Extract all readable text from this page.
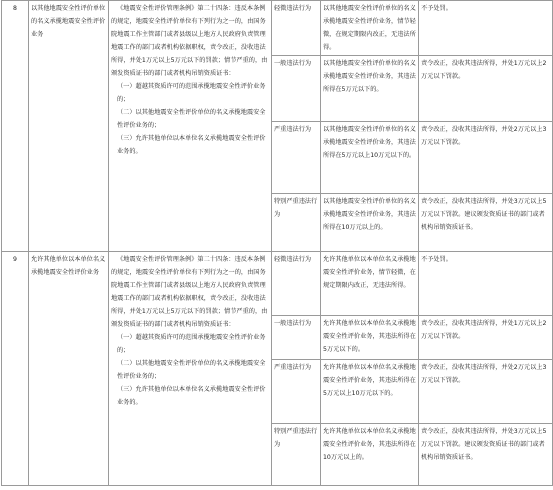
8	以其他地震安全性评价单位的名义承揽地震安全性评价业务	《地震安全性评价管理条例》第二十四条：违反本条例的规定，地震安全性评价单位有下列行为之一的，由国务院地震工作主管部门或者县级以上地方人民政府负责管理地震工作的部门或者机构依据职权，责令改正，没收违法所得，并处1万元以上5万元以下的罚款；情节严重的，由颁发资质证书的部门或者机构吊销资质证书：

（一）超越其资质许可的范围承揽地震安全性评价业务的；

（二）以其他地震安全性评价单位的名义承揽地震安全性评价业务的；

（三）允许其他单位以本单位名义承揽地震安全性评价业务的。	轻微违法行为	以其他地震安全性评价单位的名义承揽地震安全性评价业务，情节轻微，在规定期限内改正，无违法所得。	不予处罚。
			一般违法行为	以其他地震安全性评价单位的名义承揽地震安全性评价业务，其违法所得在5万元以下的。	责令改正，没收其违法所得，并处1万元以上2万元以下罚款。
			严重违法行为	以其他地震安全性评价单位的名义承揽地震安全性评价业务，其违法所得在5万元以上10万元以下的。	责令改正，没收其违法所得，并处2万元以上3万元以下罚款。
			特别严重违法行为	以其他地震安全性评价单位的名义承揽地震安全性评价业务，其违法所得在10万元以上的。	责令改正，没收其违法所得，并处3万元以上5万元以下罚款。建议颁发资质证书的部门或者机构吊销资质证书。
9	允许其他单位以本单位名义承揽地震安全性评价业务	《地震安全性评价管理条例》第二十四条：违反本条例的规定，地震安全性评价单位有下列行为之一的，由国务院地震工作主管部门或者县级以上地方人民政府负责管理地震工作的部门或者机构依据职权，责令改正，没收违法所得，并处1万元以上5万元以下的罚款；情节严重的，由颁发资质证书的部门或者机构吊销资质证书：

（一）超越其资质许可的范围承揽地震安全性评价业务的；

（二）以其他地震安全性评价单位的名义承揽地震安全性评价业务的；

（三）允许其他单位以本单位名义承揽地震安全性评价业务的。	轻微违法行为	允许其他单位以本单位名义承揽地震安全性评价业务，情节轻微，在规定期限内改正，无违法所得。	不予处罚。
			一般违法行为	允许其他单位以本单位名义承揽地震安全性评价业务，其违法所得在5万元以下的。	责令改正，没收其违法所得，并处1万元以上2万元以下罚款。
			严重违法行为	允许其他单位以本单位名义承揽地震安全性评价业务，其违法所得在5万元以上10万元以下的。	责令改正，没收其违法所得，并处2万元以上3万元以下罚款。
			特别严重违法行为	允许其他单位以本单位名义承揽地震安全性评价业务，其违法所得在10万元以上的。	责令改正，没收其违法所得，并处3万元以上5万元以下罚款。建议颁发资质证书的部门或者机构吊销资质证书。
